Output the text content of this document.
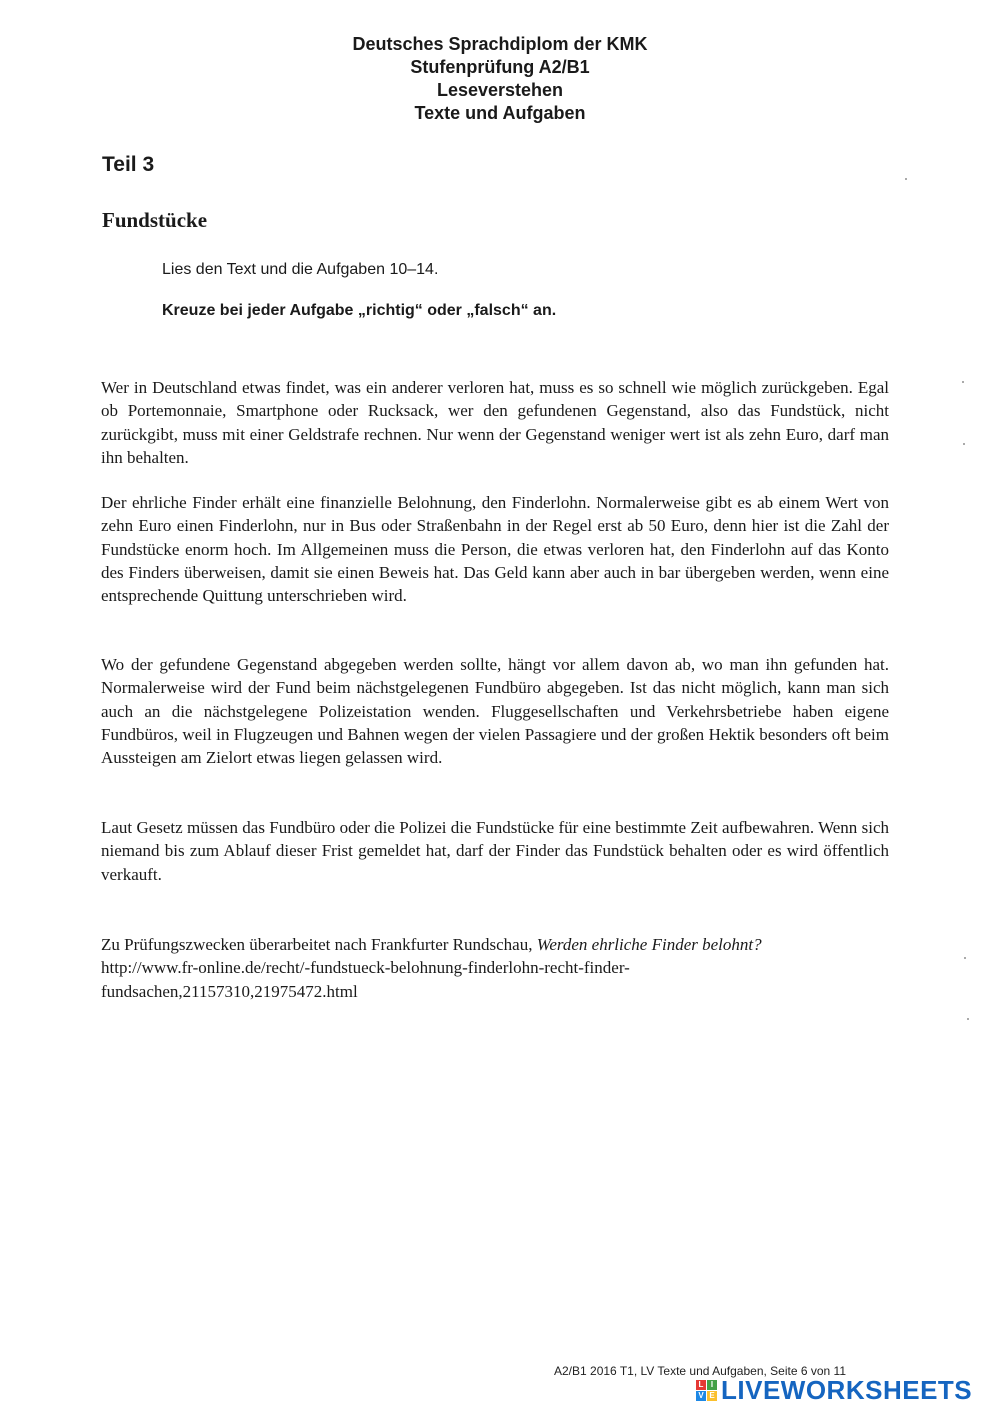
Deutsches Sprachdiplom der KMK
Stufenprüfung A2/B1
Leseverstehen
Texte und Aufgaben
Teil 3
Fundstücke
Lies den Text und die Aufgaben 10–14.
Kreuze bei jeder Aufgabe „richtig“ oder „falsch“ an.

Wer in Deutschland etwas findet, was ein anderer verloren hat, muss es so schnell wie möglich zurückgeben. Egal ob Portemonnaie, Smartphone oder Rucksack, wer den gefundenen Gegenstand, also das Fundstück, nicht zurückgibt, muss mit einer Geldstrafe rechnen. Nur wenn der Gegenstand weniger wert ist als zehn Euro, darf man ihn behalten.

Der ehrliche Finder erhält eine finanzielle Belohnung, den Finderlohn. Normalerweise gibt es ab einem Wert von zehn Euro einen Finderlohn, nur in Bus oder Straßenbahn in der Regel erst ab 50 Euro, denn hier ist die Zahl der Fundstücke enorm hoch. Im Allgemeinen muss die Person, die etwas verloren hat, den Finderlohn auf das Konto des Finders überweisen, damit sie einen Beweis hat. Das Geld kann aber auch in bar übergeben werden, wenn eine entsprechende Quittung unterschrieben wird.

Wo der gefundene Gegenstand abgegeben werden sollte, hängt vor allem davon ab, wo man ihn gefunden hat. Normalerweise wird der Fund beim nächstgelegenen Fundbüro abgegeben. Ist das nicht möglich, kann man sich auch an die nächstgelegene Polizeistation wenden. Fluggesellschaften und Verkehrsbetriebe haben eigene Fundbüros, weil in Flugzeugen und Bahnen wegen der vielen Passagiere und der großen Hektik besonders oft beim Aussteigen am Zielort etwas liegen gelassen wird.

Laut Gesetz müssen das Fundbüro oder die Polizei die Fundstücke für eine bestimmte Zeit aufbewahren. Wenn sich niemand bis zum Ablauf dieser Frist gemeldet hat, darf der Finder das Fundstück behalten oder es wird öffentlich verkauft.

Zu Prüfungszwecken überarbeitet nach Frankfurter Rundschau, Werden ehrliche Finder belohnt?
http://www.fr-online.de/recht/-fundstueck-belohnung-finderlohn-recht-finder-
fundsachen,21157310,21975472.html
A2/B1 2016 T1, LV Texte und Aufgaben, Seite 6 von 11
L I
V E LIVEWORKSHEETS
